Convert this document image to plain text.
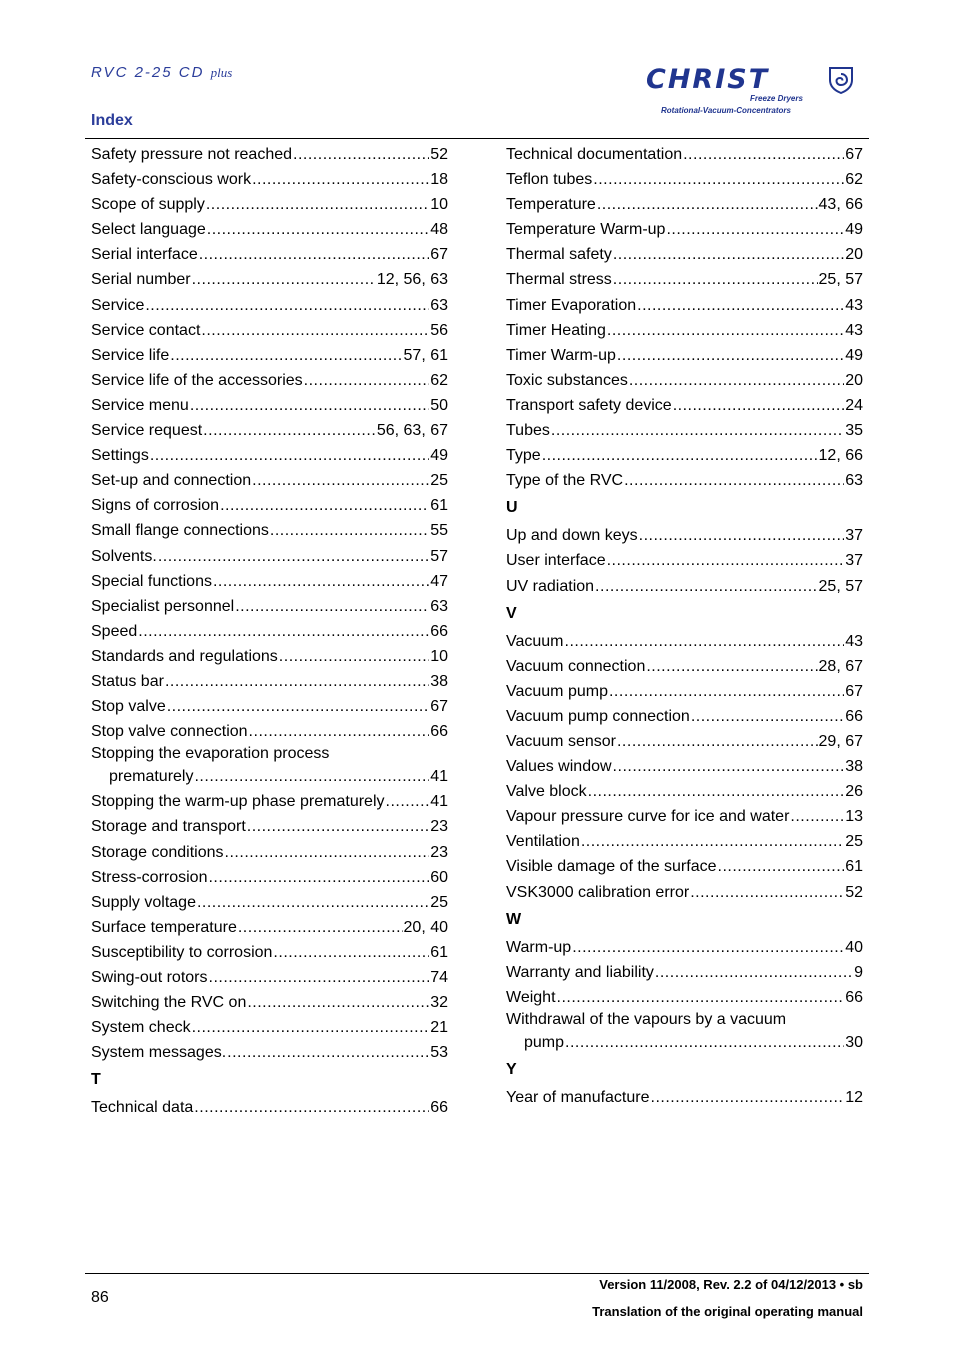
RVC 2-25 CD plus
Index
CHRIST
Freeze Dryers
Rotational-Vacuum-Concentrators
Safety pressure not reached .....	52
Safety-conscious work .....	18
Scope of supply .....	10
Select language .....	48
Serial interface .....	67
Serial number .....	12, 56, 63
Service .....	63
Service contact .....	56
Service life .....	57, 61
Service life of the accessories .....	62
Service menu .....	50
Service request .....	56, 63, 67
Settings .....	49
Set-up and connection .....	25
Signs of corrosion .....	61
Small flange connections .....	55
Solvents. .....	57
Special functions .....	47
Specialist personnel .....	63
Speed .....	66
Standards and regulations .....	10
Status bar .....	38
Stop valve .....	67
Stop valve connection .....	66
Stopping the evaporation process
prematurely .....	41
Stopping the warm-up phase prematurely .....	41
Storage and transport .....	23
Storage conditions .....	23
Stress-corrosion .....	60
Supply voltage .....	25
Surface temperature .....	20, 40
Susceptibility to corrosion .....	61
Swing-out rotors .....	74
Switching the RVC on .....	32
System check .....	21
System messages. .....	53
T
Technical data .....	66
Technical documentation .....	67
Teflon tubes .....	62
Temperature .....	43, 66
Temperature Warm-up .....	49
Thermal safety .....	20
Thermal stress .....	25, 57
Timer Evaporation .....	43
Timer Heating .....	43
Timer Warm-up .....	49
Toxic substances .....	20
Transport safety device .....	24
Tubes .....	35
Type .....	12, 66
Type of the RVC .....	63
U
Up and down keys .....	37
User interface .....	37
UV radiation .....	25, 57
V
Vacuum .....	43
Vacuum connection .....	28, 67
Vacuum pump .....	67
Vacuum pump connection .....	66
Vacuum sensor .....	29, 67
Values window .....	38
Valve block .....	26
Vapour pressure curve for ice and water .....	13
Ventilation .....	25
Visible damage of the surface .....	61
VSK3000 calibration error .....	52
W
Warm-up .....	40
Warranty and liability .....	9
Weight .....	66
Withdrawal of the vapours by a vacuum
pump .....	30
Y
Year of manufacture .....	12
86
Version 11/2008, Rev. 2.2 of 04/12/2013 • sb
Translation of the original operating manual
